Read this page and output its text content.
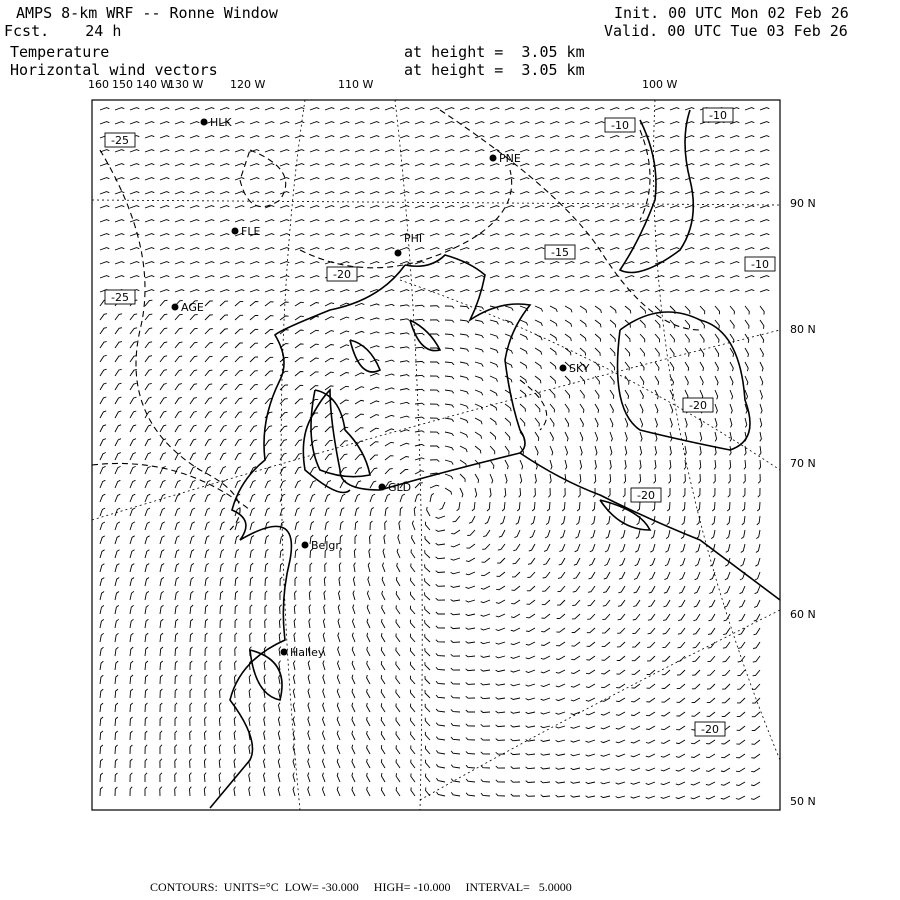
AMPS 8-km WRF -- Ronne Window
Fcst.    24 h
Temperature
Horizontal wind vectors
Init. 00 UTC Mon 02 Feb 26
Valid. 00 UTC Tue 03 Feb 26
at height =  3.05 km
at height =  3.05 km
160 150 140 W
130 W 120 W	110 W	100 W
90 N
80 N
70 N
60 N
50 N
-25
-10
-10
-20
-15
-10
-25
-20
-20
-20
HLK
PNE
FLE
PHI
AGE
SKY
GLD
Belgr.
Halley
CONTOURS:  UNITS=°C  LOW= -30.000     HIGH= -10.000     INTERVAL=   5.0000
